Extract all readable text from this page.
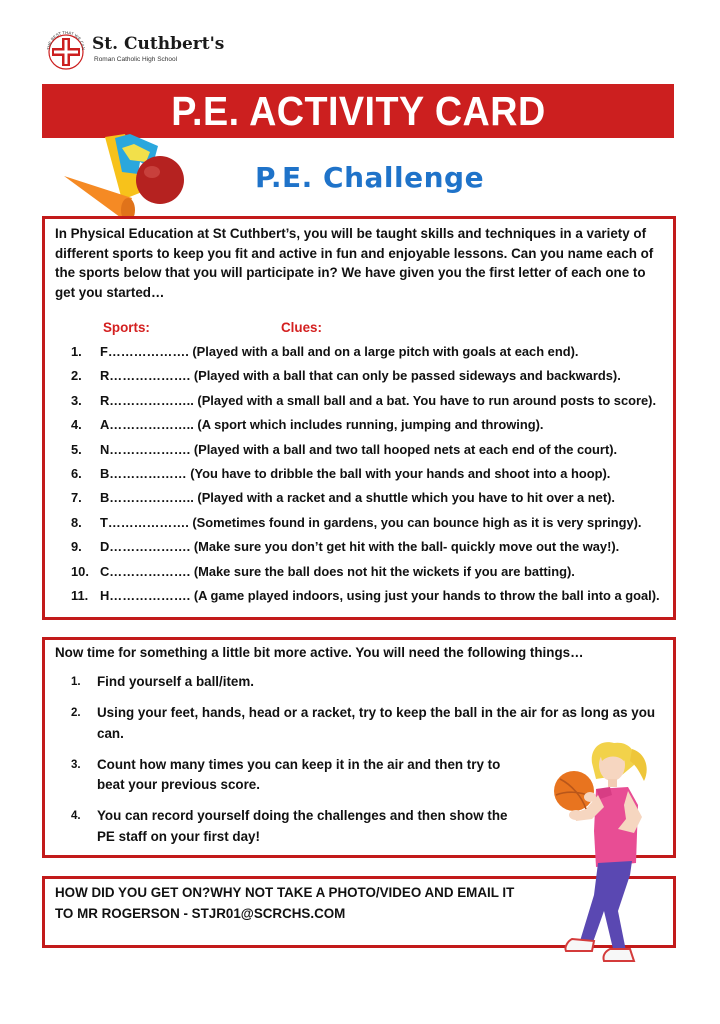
THE BEST THAT WE CAN St. Cuthbert's
Roman Catholic High School
P.E. ACTIVITY CARD
P.E. Challenge
In Physical Education at St Cuthbert’s, you will be taught skills and techniques in a variety of different sports to keep you fit and active in fun and enjoyable lessons. Can you name each of the sports below that you will participate in? We have given you the first letter of each one to get you started…
Sports:	Clues:
1.	F………………. (Played with a ball and on a large pitch with goals at each end).
2.	R………………. (Played with a ball that can only be passed sideways and backwards).
3.	R……………….. (Played with a small ball and a bat. You have to run around posts to score).
4.	A……………….. (A sport which includes running, jumping and throwing).
5.	N………………. (Played with a ball and two tall hooped nets at each end of the court).
6.	B……………… (You have to dribble the ball with your hands and shoot into a hoop).
7.	B……………….. (Played with a racket and a shuttle which you have to hit over a net).
8.	T………………. (Sometimes found in gardens, you can bounce high as it is very springy).
9.	D………………. (Make sure you don’t get hit with the ball- quickly move out the way!).
10. C………………. (Make sure the ball does not hit the wickets if you are batting).
11. H………………. (A game played indoors, using just your hands to throw the ball into a goal).
Now time for something a little bit more active. You will need the following things…
1.	Find yourself a ball/item.
2.	Using your feet, hands, head or a racket, try to keep the ball in the air for as long as you can.
3.	Count how many times you can keep it in the air and then try to beat your previous score.
4.	You can record yourself doing the challenges and then show the PE staff on your first day!
HOW DID YOU GET ON?WHY NOT TAKE A PHOTO/VIDEO AND EMAIL IT TO MR ROGERSON - STJR01@SCRCHS.COM
